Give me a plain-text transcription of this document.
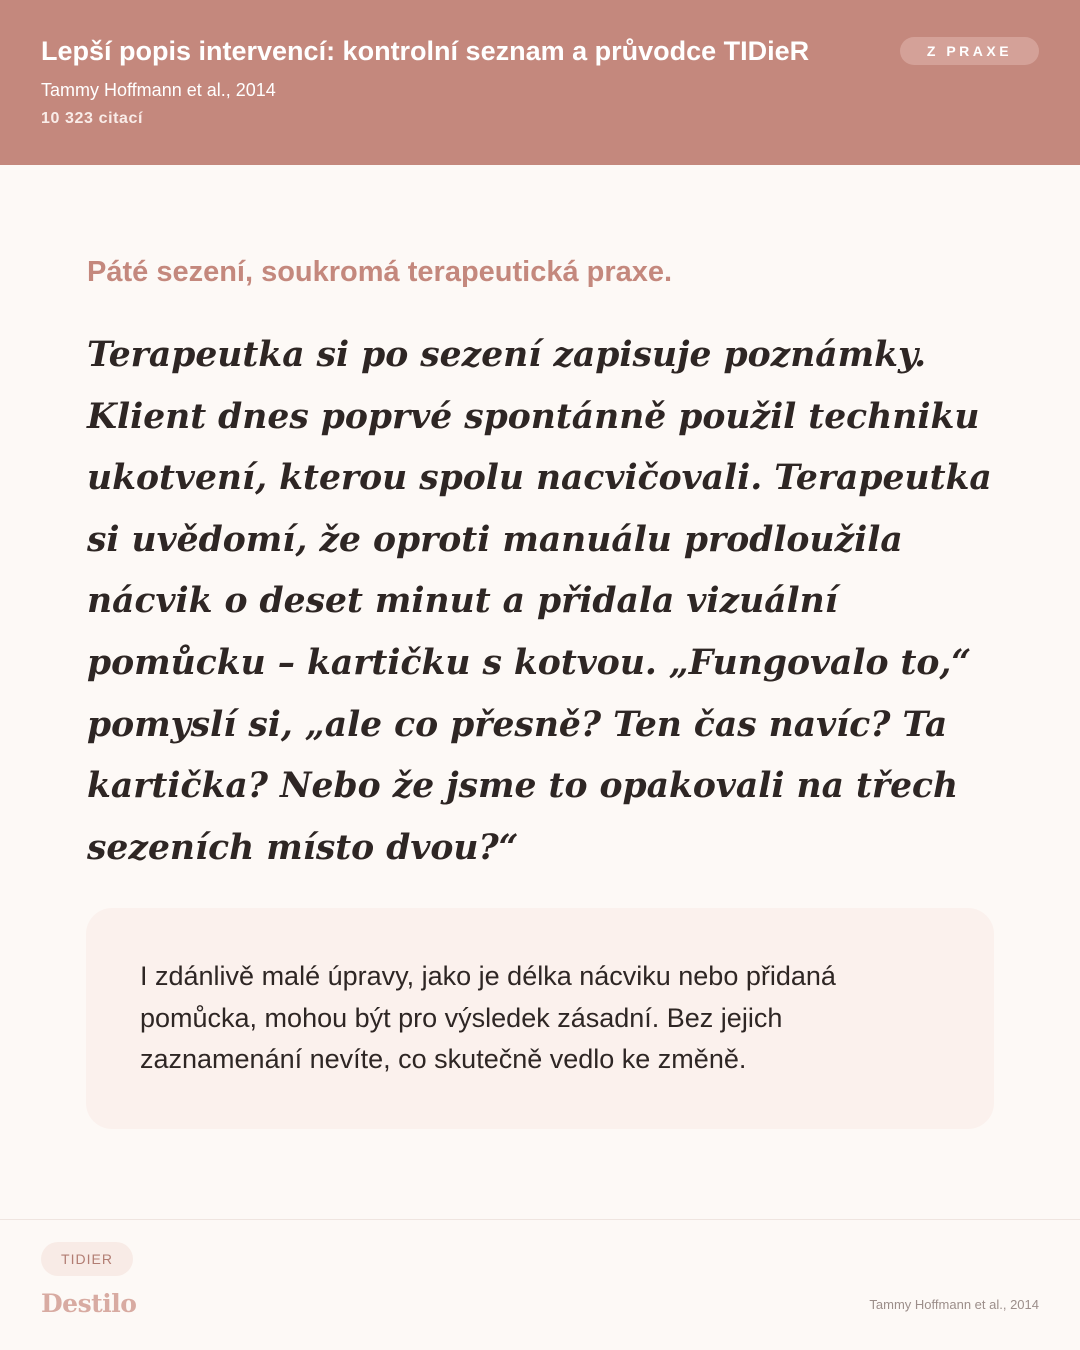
Lepší popis intervencí: kontrolní seznam a průvodce TIDieR
Tammy Hoffmann et al., 2014
10 323 citací
Z PRAXE
Páté sezení, soukromá terapeutická praxe.

Terapeutka si po sezení zapisuje poznámky. Klient dnes poprvé spontánně použil techniku ukotvení, kterou spolu nacvičovali. Terapeutka si uvědomí, že oproti manuálu prodloužila nácvik o deset minut a přidala vizuální pomůcku – kartičku s kotvou. „Fungovalo to,“ pomyslí si, „ale co přesně? Ten čas navíc? Ta kartička? Nebo že jsme to opakovali na třech sezeních místo dvou?“

I zdánlivě malé úpravy, jako je délka nácviku nebo přidaná pomůcka, mohou být pro výsledek zásadní. Bez jejich zaznamenání nevíte, co skutečně vedlo ke změně.

TIDIER
Destilo	Tammy Hoffmann et al., 2014
